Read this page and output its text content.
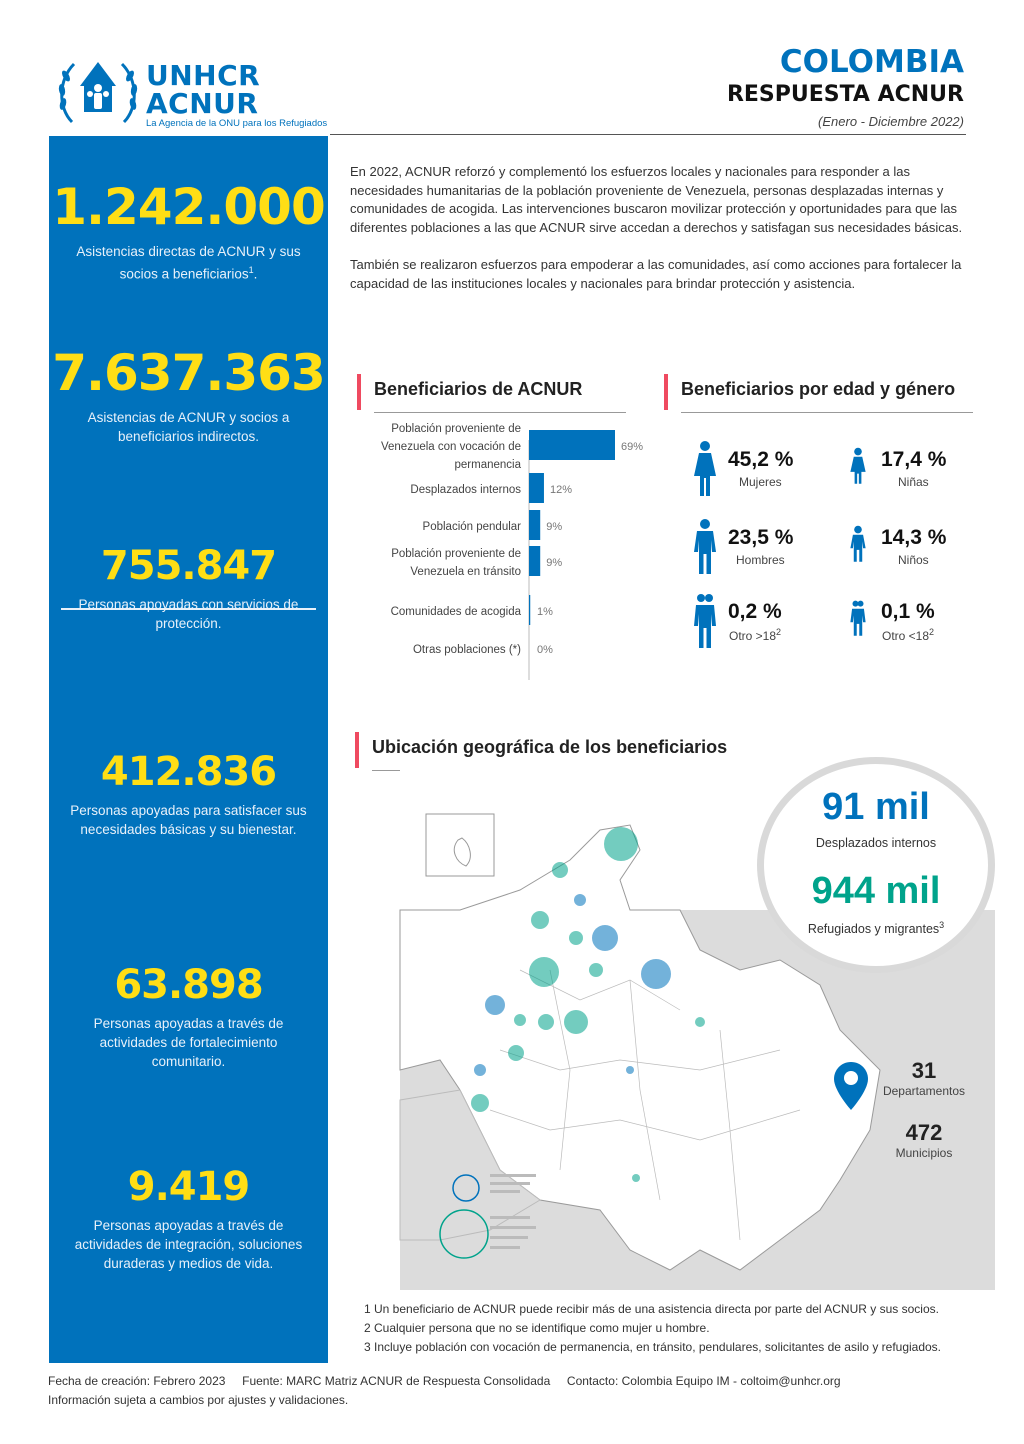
UNHCR
ACNUR
La Agencia de la ONU para los Refugiados
COLOMBIA
RESPUESTA ACNUR
(Enero - Diciembre 2022)
1.242.000
Asistencias directas de ACNUR y sus socios a beneficiarios$^1$.
7.637.363
Asistencias de ACNUR y socios a beneficiarios indirectos.
755.847
Personas apoyadas con servicios de protección.
412.836
Personas apoyadas para satisfacer sus necesidades básicas y su bienestar.
63.898
Personas apoyadas a través de actividades de fortalecimiento comunitario.
9.419
Personas apoyadas a través de actividades de integración, soluciones duraderas y medios de vida.

En 2022, ACNUR reforzó y complementó los esfuerzos locales y nacionales para responder a las necesidades humanitarias de la población proveniente de Venezuela, personas desplazadas internas y comunidades de acogida. Las intervenciones buscaron movilizar protección y oportunidades para que las diferentes poblaciones a las que ACNUR sirve accedan a derechos y satisfagan sus necesidades básicas.

También se realizaron esfuerzos para empoderar a las comunidades, así como acciones para fortalecer la capacidad de las instituciones locales y nacionales para brindar protección y asistencia.

Beneficiarios de ACNUR
69%
Población proveniente de
Venezuela con vocación de
permanencia
12%
Desplazados internos
9%
Población pendular
9%
Población proveniente de
Venezuela en tránsito
1%
Comunidades de acogida
0%
Otras poblaciones (*)
Beneficiarios por edad y género
45,2 %
Mujeres
17,4 %
Niñas
23,5 %
Hombres
14,3 %
Niños
0,2 %
Otro $>18^2$
0,1 %
Otro $<18^2$
Ubicación geográfica de los beneficiarios
91 mil
Desplazados internos
944 mil
Refugiados y migrantes$^3$
31
Departamentos
472
Municipios
1 Un beneficiario de ACNUR puede recibir más de una asistencia directa por parte del ACNUR y sus socios.
2 Cualquier persona que no se identifique como mujer u hombre.
3 Incluye población con vocación de permanencia, en tránsito, pendulares, solicitantes de asilo y refugiados.
Fecha de creación: Febrero 2023     Fuente: MARC Matriz ACNUR de Respuesta Consolidada     Contacto: Colombia Equipo IM - coltoim@unhcr.org
Información sujeta a cambios por ajustes y validaciones.
